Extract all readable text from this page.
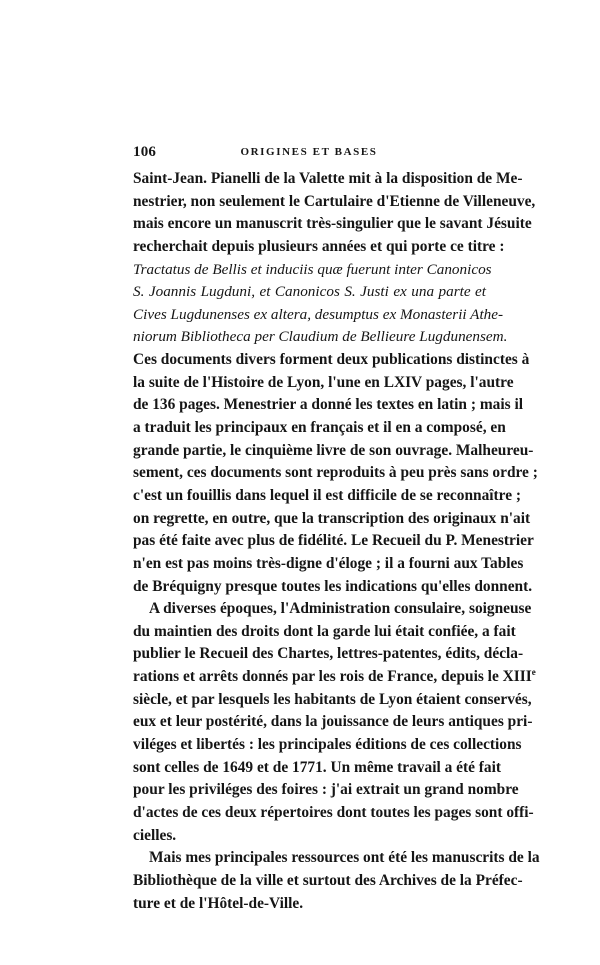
106	ORIGINES ET BASES
Saint-Jean. Pianelli de la Valette mit à la disposition de Me-
nestrier, non seulement le Cartulaire d'Etienne de Villeneuve,
mais encore un manuscrit très-singulier que le savant Jésuite
recherchait depuis plusieurs années et qui porte ce titre :
Tractatus de Bellis et induciis quæ fuerunt inter Canonicos
S. Joannis Lugduni, et Canonicos S. Justi ex una parte et
Cives Lugdunenses ex altera, desumptus ex Monasterii Athe-
niorum Bibliotheca per Claudium de Bellieure Lugdunensem.
Ces documents divers forment deux publications distinctes à
la suite de l'Histoire de Lyon, l'une en LXIV pages, l'autre
de 136 pages. Menestrier a donné les textes en latin ; mais il
a traduit les principaux en français et il en a composé, en
grande partie, le cinquième livre de son ouvrage. Malheureu-
sement, ces documents sont reproduits à peu près sans ordre ;
c'est un fouillis dans lequel il est difficile de se reconnaître ;
on regrette, en outre, que la transcription des originaux n'ait
pas été faite avec plus de fidélité. Le Recueil du P. Menestrier
n'en est pas moins très-digne d'éloge ; il a fourni aux Tables
de Bréquigny presque toutes les indications qu'elles donnent.
A diverses époques, l'Administration consulaire, soigneuse
du maintien des droits dont la garde lui était confiée, a fait
publier le Recueil des Chartes, lettres-patentes, édits, décla-
rations et arrêts donnés par les rois de France, depuis le XIIIe
siècle, et par lesquels les habitants de Lyon étaient conservés,
eux et leur postérité, dans la jouissance de leurs antiques pri-
viléges et libertés : les principales éditions de ces collections
sont celles de 1649 et de 1771. Un même travail a été fait
pour les priviléges des foires : j'ai extrait un grand nombre
d'actes de ces deux répertoires dont toutes les pages sont offi-
cielles.
Mais mes principales ressources ont été les manuscrits de la
Bibliothèque de la ville et surtout des Archives de la Préfec-
ture et de l'Hôtel-de-Ville.
